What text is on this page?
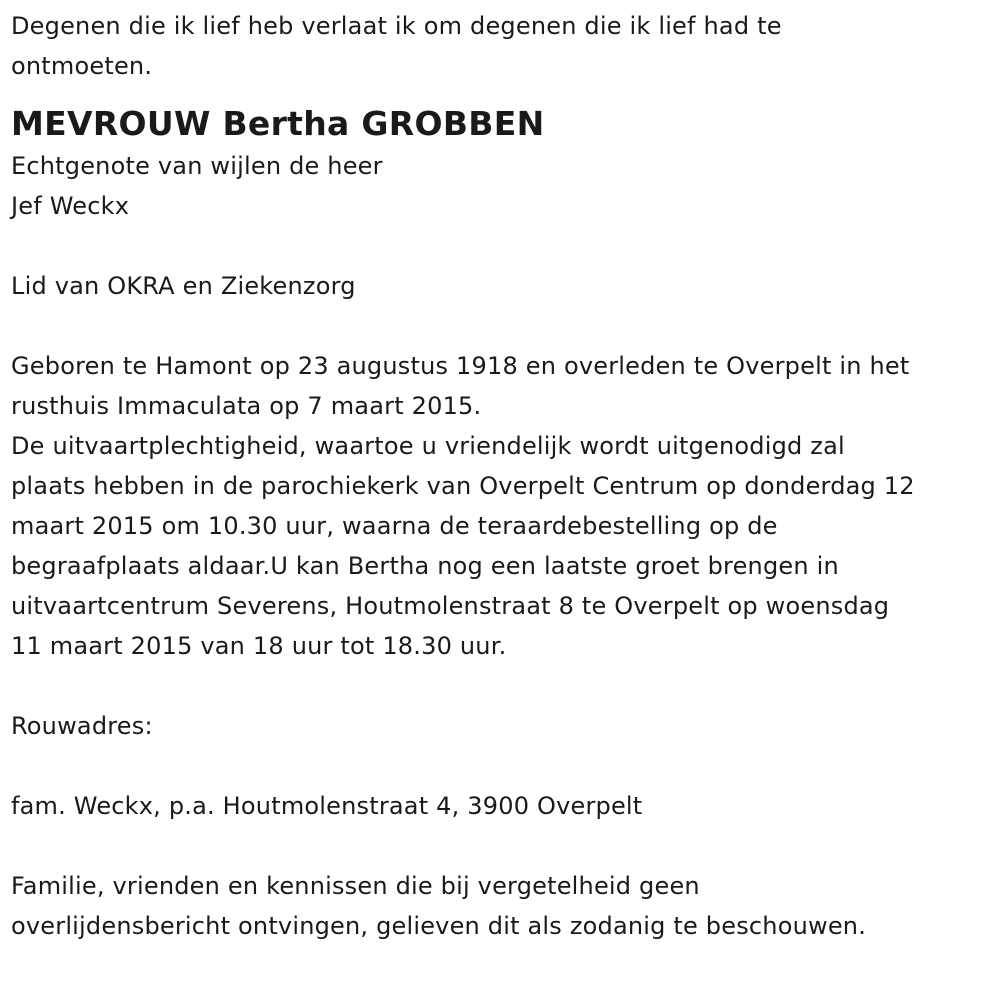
Degenen die ik lief heb verlaat ik om degenen die ik lief had te
ontmoeten.

MEVROUW Bertha GROBBEN

Echtgenote van wijlen de heer

Jef Weckx

Lid van OKRA en Ziekenzorg

Geboren te Hamont op 23 augustus 1918 en overleden te Overpelt in het
rusthuis Immaculata op 7 maart 2015.

De uitvaartplechtigheid, waartoe u vriendelijk wordt uitgenodigd zal
plaats hebben in de parochiekerk van Overpelt Centrum op donderdag 12
maart 2015 om 10.30 uur, waarna de teraardebestelling op de
begraafplaats aldaar.U kan Bertha nog een laatste groet brengen in
uitvaartcentrum Severens, Houtmolenstraat 8 te Overpelt op woensdag
11 maart 2015 van 18 uur tot 18.30 uur.

Rouwadres:

fam. Weckx, p.a. Houtmolenstraat 4, 3900 Overpelt

Familie, vrienden en kennissen die bij vergetelheid geen
overlijdensbericht ontvingen, gelieven dit als zodanig te beschouwen.
